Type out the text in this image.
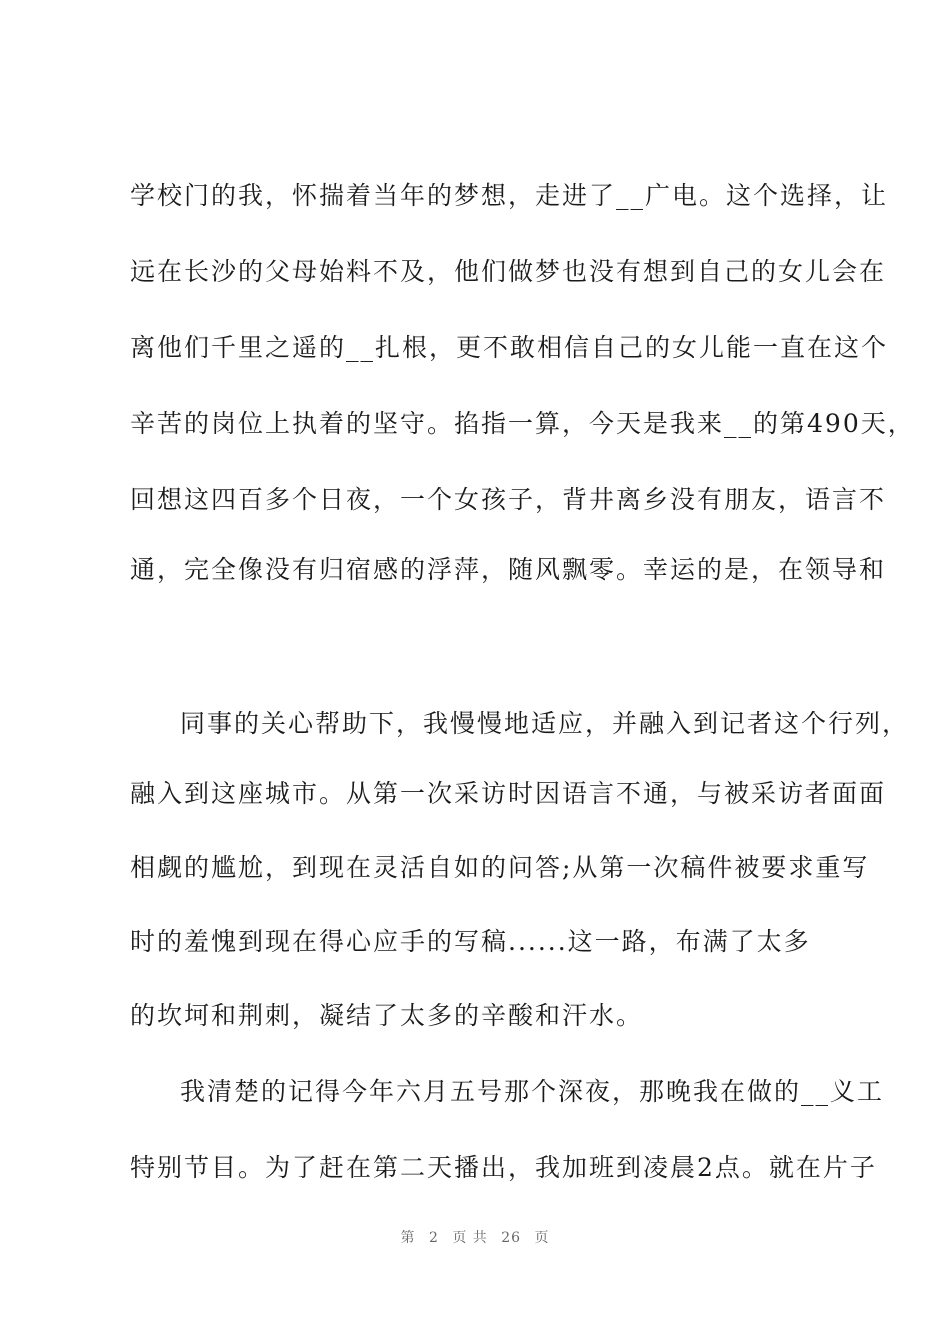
学校门的我，怀揣着当年的梦想，走进了__广电。这个选择，让
远在长沙的父母始料不及，他们做梦也没有想到自己的女儿会在
离他们千里之遥的__扎根，更不敢相信自己的女儿能一直在这个
辛苦的岗位上执着的坚守。掐指一算，今天是我来__的第490天，
回想这四百多个日夜，一个女孩子，背井离乡没有朋友，语言不
通，完全像没有归宿感的浮萍，随风飘零。幸运的是，在领导和
同事的关心帮助下，我慢慢地适应，并融入到记者这个行列，
融入到这座城市。从第一次采访时因语言不通，与被采访者面面
相觑的尴尬，到现在灵活自如的问答;从第一次稿件被要求重写
时的羞愧到现在得心应手的写稿......这一路，布满了太多
的坎坷和荆刺，凝结了太多的辛酸和汗水。
我清楚的记得今年六月五号那个深夜，那晚我在做的__义工
特别节目。为了赶在第二天播出，我加班到凌晨2点。就在片子
第 2 页 共 26 页
